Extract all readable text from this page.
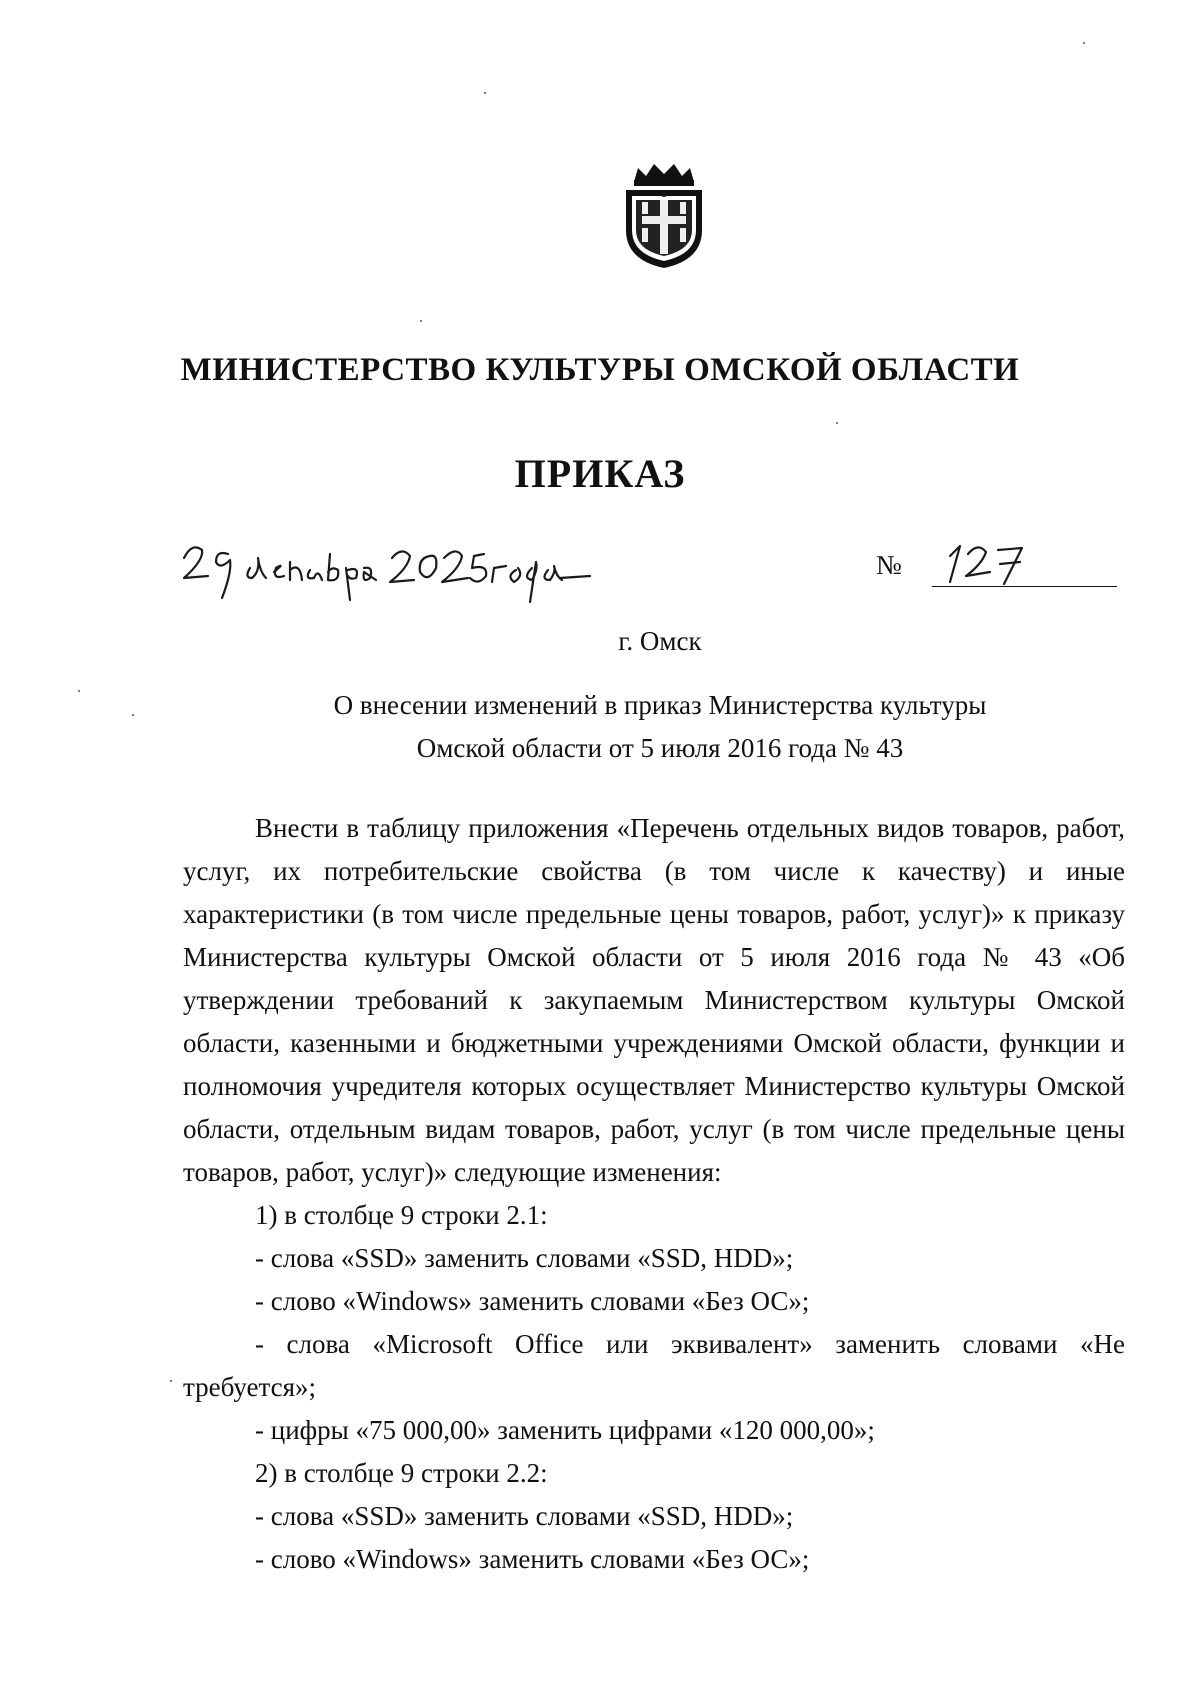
МИНИСТЕРСТВО КУЛЬТУРЫ ОМСКОЙ ОБЛАСТИ
ПРИКАЗ
№
г. Омск
О внесении изменений в приказ Министерства культуры
Омской области от 5 июля 2016 года № 43

Внести в таблицу приложения «Перечень отдельных видов товаров, работ, услуг, их потребительские свойства (в том числе к качеству) и иные характеристики (в том числе предельные цены товаров, работ, услуг)» к приказу Министерства культуры Омской области от 5 июля 2016 года № 43 «Об утверждении требований к закупаемым Министерством культуры Омской области, казенными и бюджетными учреждениями Омской области, функции и полномочия учредителя которых осуществляет Министерство культуры Омской области, отдельным видам товаров, работ, услуг (в том числе предельные цены товаров, работ, услуг)» следующие изменения:

1) в столбце 9 строки 2.1:
- слова «SSD» заменить словами «SSD, HDD»;
- слово «Windows» заменить словами «Без ОС»;
- слова «Microsoft Office или эквивалент» заменить словами «Не требуется»;
- цифры «75 000,00» заменить цифрами «120 000,00»;
2) в столбце 9 строки 2.2:
- слова «SSD» заменить словами «SSD, HDD»;
- слово «Windows» заменить словами «Без ОС»;
